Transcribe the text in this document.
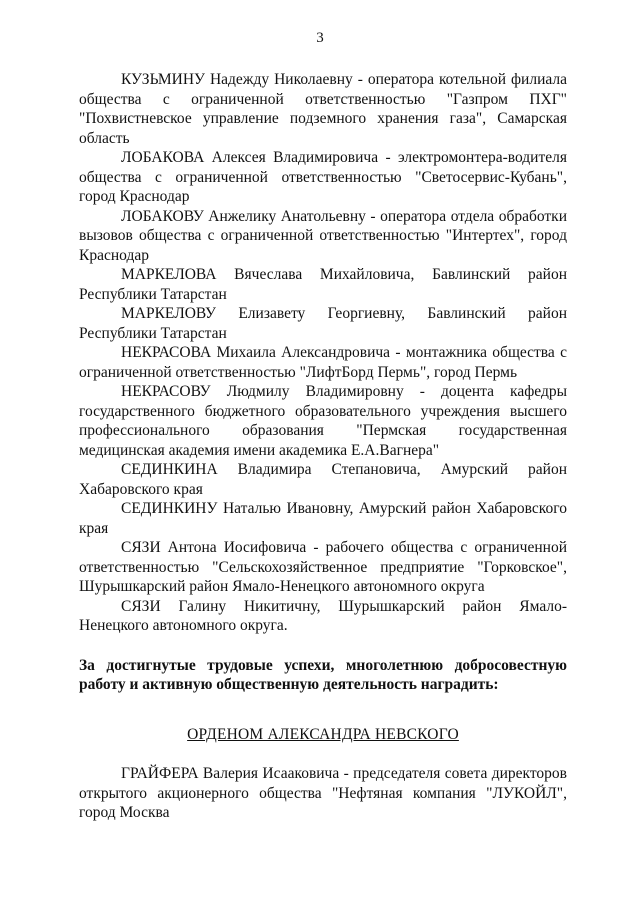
3

КУЗЬМИНУ Надежду Николаевну - оператора котельной филиала общества с ограниченной ответственностью "Газпром ПХГ" "Похвистневское управление подземного хранения газа", Самарская область

ЛОБАКОВА Алексея Владимировича - электромонтера-водителя общества с ограниченной ответственностью "Светосервис-Кубань", город Краснодар

ЛОБАКОВУ Анжелику Анатольевну - оператора отдела обработки вызовов общества с ограниченной ответственностью "Интертех", город Краснодар

МАРКЕЛОВА Вячеслава Михайловича, Бавлинский район Республики Татарстан

МАРКЕЛОВУ Елизавету Георгиевну, Бавлинский район Республики Татарстан

НЕКРАСОВА Михаила Александровича - монтажника общества с ограниченной ответственностью "ЛифтБорд Пермь", город Пермь

НЕКРАСОВУ Людмилу Владимировну - доцента кафедры государственного бюджетного образовательного учреждения высшего профессионального образования "Пермская государственная медицинская академия имени академика Е.А.Вагнера"

СЕДИНКИНА Владимира Степановича, Амурский район Хабаровского края

СЕДИНКИНУ Наталью Ивановну, Амурский район Хабаровского края

СЯЗИ Антона Иосифовича - рабочего общества с ограниченной ответственностью "Сельскохозяйственное предприятие "Горковское", Шурышкарский район Ямало-Ненецкого автономного округа

СЯЗИ Галину Никитичну, Шурышкарский район Ямало-Ненецкого автономного округа.

За достигнутые трудовые успехи, многолетнюю добросовестную работу и активную общественную деятельность наградить:

ОРДЕНОМ АЛЕКСАНДРА НЕВСКОГО

ГРАЙФЕРА Валерия Исааковича - председателя совета директоров открытого акционерного общества "Нефтяная компания "ЛУКОЙЛ", город Москва
